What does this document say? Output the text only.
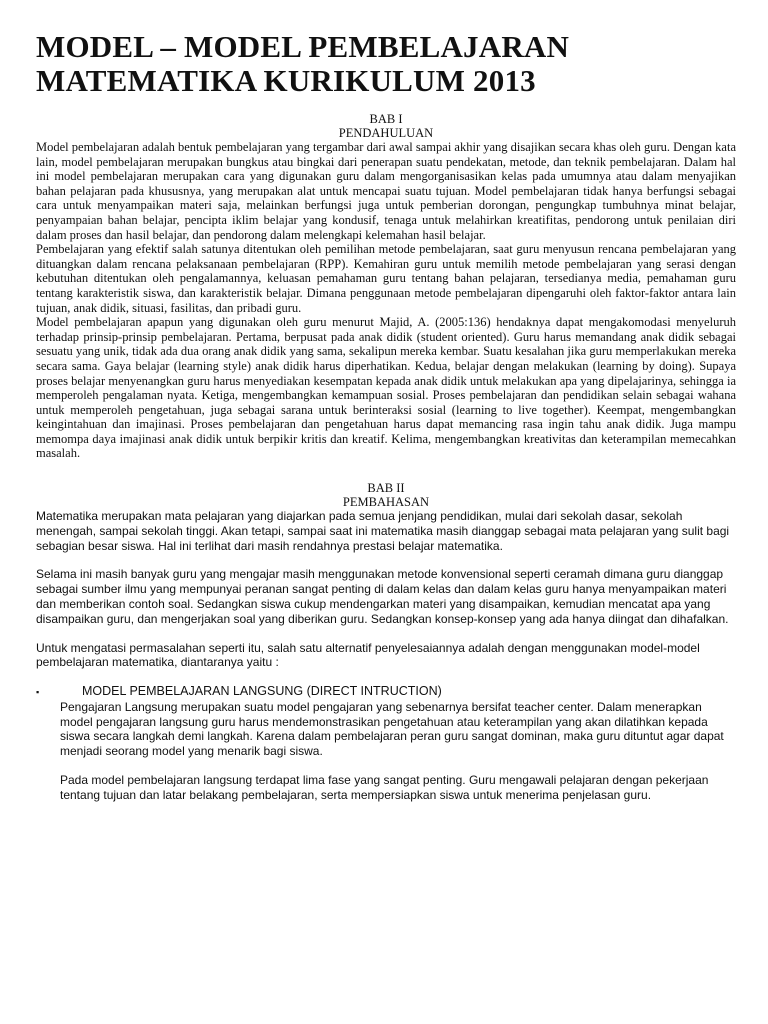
MODEL – MODEL PEMBELAJARAN MATEMATIKA KURIKULUM 2013

BAB I

PENDAHULUAN

Model pembelajaran adalah bentuk pembelajaran yang tergambar dari awal sampai akhir yang disajikan secara khas oleh guru. Dengan kata lain, model pembelajaran merupakan bungkus atau bingkai dari penerapan suatu pendekatan, metode, dan teknik pembelajaran. Dalam hal ini model pembelajaran merupakan cara yang digunakan guru dalam mengorganisasikan kelas pada umumnya atau dalam menyajikan bahan pelajaran pada khususnya, yang merupakan alat untuk mencapai suatu tujuan. Model pembelajaran tidak hanya berfungsi sebagai cara untuk menyampaikan materi saja, melainkan berfungsi juga untuk pemberian dorongan, pengungkap tumbuhnya minat belajar, penyampaian bahan belajar, pencipta iklim belajar yang kondusif, tenaga untuk melahirkan kreatifitas, pendorong untuk penilaian diri dalam proses dan hasil belajar, dan pendorong dalam melengkapi kelemahan hasil belajar.

Pembelajaran yang efektif salah satunya ditentukan oleh pemilihan metode pembelajaran, saat guru menyusun rencana pembelajaran yang dituangkan dalam rencana pelaksanaan pembelajaran (RPP). Kemahiran guru untuk memilih metode pembelajaran yang serasi dengan kebutuhan ditentukan oleh pengalamannya, keluasan pemahaman guru tentang bahan pelajaran, tersedianya media, pemahaman guru tentang karakteristik siswa, dan karakteristik belajar. Dimana penggunaan metode pembelajaran dipengaruhi oleh faktor-faktor antara lain tujuan, anak didik, situasi, fasilitas, dan pribadi guru.

Model pembelajaran apapun yang digunakan oleh guru menurut Majid, A. (2005:136) hendaknya dapat mengakomodasi menyeluruh terhadap prinsip-prinsip pembelajaran. Pertama, berpusat pada anak didik (student oriented). Guru harus memandang anak didik sebagai sesuatu yang unik, tidak ada dua orang anak didik yang sama, sekalipun mereka kembar. Suatu kesalahan jika guru memperlakukan mereka secara sama. Gaya belajar (learning style) anak didik harus diperhatikan. Kedua, belajar dengan melakukan (learning by doing). Supaya proses belajar menyenangkan guru harus menyediakan kesempatan kepada anak didik untuk melakukan apa yang dipelajarinya, sehingga ia memperoleh pengalaman nyata. Ketiga, mengembangkan kemampuan sosial. Proses pembelajaran dan pendidikan selain sebagai wahana untuk memperoleh pengetahuan, juga sebagai sarana untuk berinteraksi sosial (learning to live together). Keempat, mengembangkan keingintahuan dan imajinasi. Proses pembelajaran dan pengetahuan harus dapat memancing rasa ingin tahu anak didik. Juga mampu memompa daya imajinasi anak didik untuk berpikir kritis dan kreatif. Kelima, mengembangkan kreativitas dan keterampilan memecahkan masalah.

BAB II

PEMBAHASAN

Matematika merupakan mata pelajaran yang diajarkan pada semua jenjang pendidikan, mulai dari sekolah dasar, sekolah menengah, sampai sekolah tinggi. Akan tetapi, sampai saat ini matematika masih dianggap sebagai mata pelajaran yang sulit bagi sebagian besar siswa. Hal ini terlihat dari masih rendahnya prestasi belajar matematika.

Selama ini masih banyak guru yang mengajar masih menggunakan metode konvensional seperti ceramah dimana guru dianggap sebagai sumber ilmu yang mempunyai peranan sangat penting di dalam kelas dan dalam kelas guru hanya menyampaikan materi dan memberikan contoh soal. Sedangkan siswa cukup mendengarkan materi yang disampaikan, kemudian mencatat apa yang disampaikan guru, dan mengerjakan soal yang diberikan guru. Sedangkan konsep-konsep yang ada hanya diingat dan dihafalkan.

Untuk mengatasi permasalahan seperti itu, salah satu alternatif penyelesaiannya adalah dengan menggunakan model-model pembelajaran matematika, diantaranya yaitu :

▪	MODEL PEMBELAJARAN LANGSUNG (DIRECT INTRUCTION)

Pengajaran Langsung merupakan suatu model pengajaran yang sebenarnya bersifat teacher center. Dalam menerapkan model pengajaran langsung guru harus mendemonstrasikan pengetahuan atau keterampilan yang akan dilatihkan kepada siswa secara langkah demi langkah. Karena dalam pembelajaran peran guru sangat dominan, maka guru dituntut agar dapat menjadi seorang model yang menarik bagi siswa.

Pada model pembelajaran langsung terdapat lima fase yang sangat penting. Guru mengawali pelajaran dengan pekerjaan tentang tujuan dan latar belakang pembelajaran, serta mempersiapkan siswa untuk menerima penjelasan guru.
